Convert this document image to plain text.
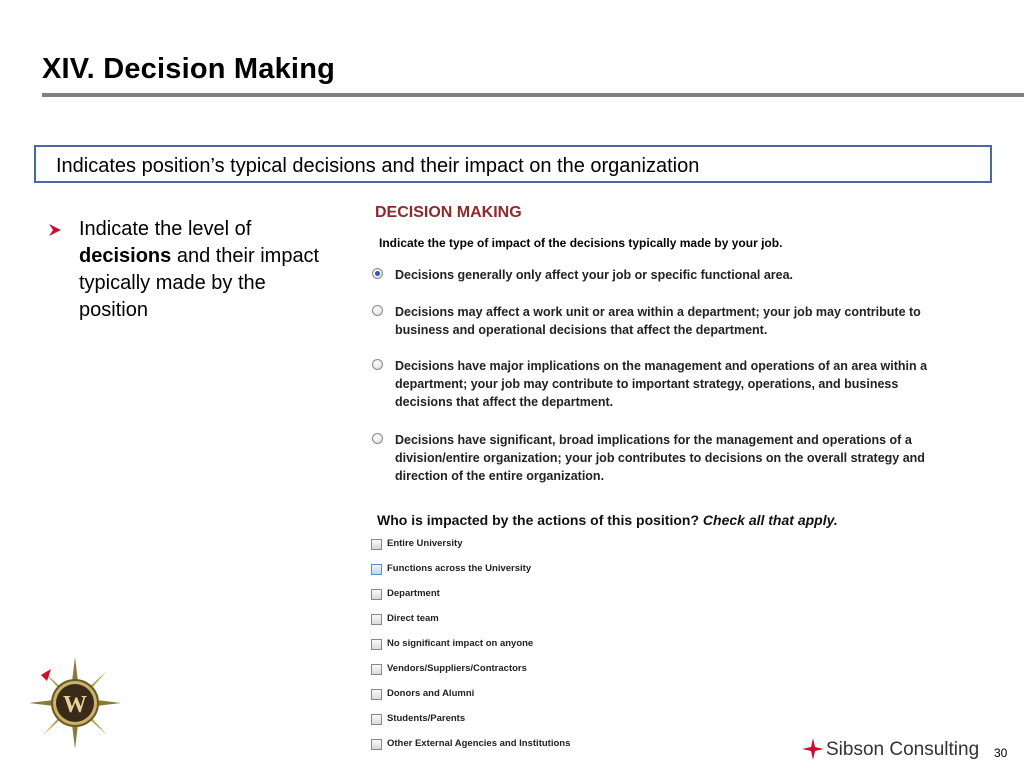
XIV. Decision Making
Indicates position’s typical decisions and their impact on the organization
Indicate the level of
decisions and their impact typically made by the position
DECISION MAKING
Indicate the type of impact of the decisions typically made by your job.
Decisions generally only affect your job or specific functional area.
Decisions may affect a work unit or area within a department; your job may contribute to business and operational decisions that affect the department.
Decisions have major implications on the management and operations of an area within a department; your job may contribute to important strategy, operations, and business decisions that affect the department.
Decisions have significant, broad implications for the management and operations of a division/entire organization; your job contributes to decisions on the overall strategy and direction of the entire organization.
Who is impacted by the actions of this position? Check all that apply.
Entire University
Functions across the University
Department
Direct team
No significant impact on anyone
Vendors/Suppliers/Contractors
Donors and Alumni
Students/Parents
Other External Agencies and Institutions
W
Sibson Consulting 30
